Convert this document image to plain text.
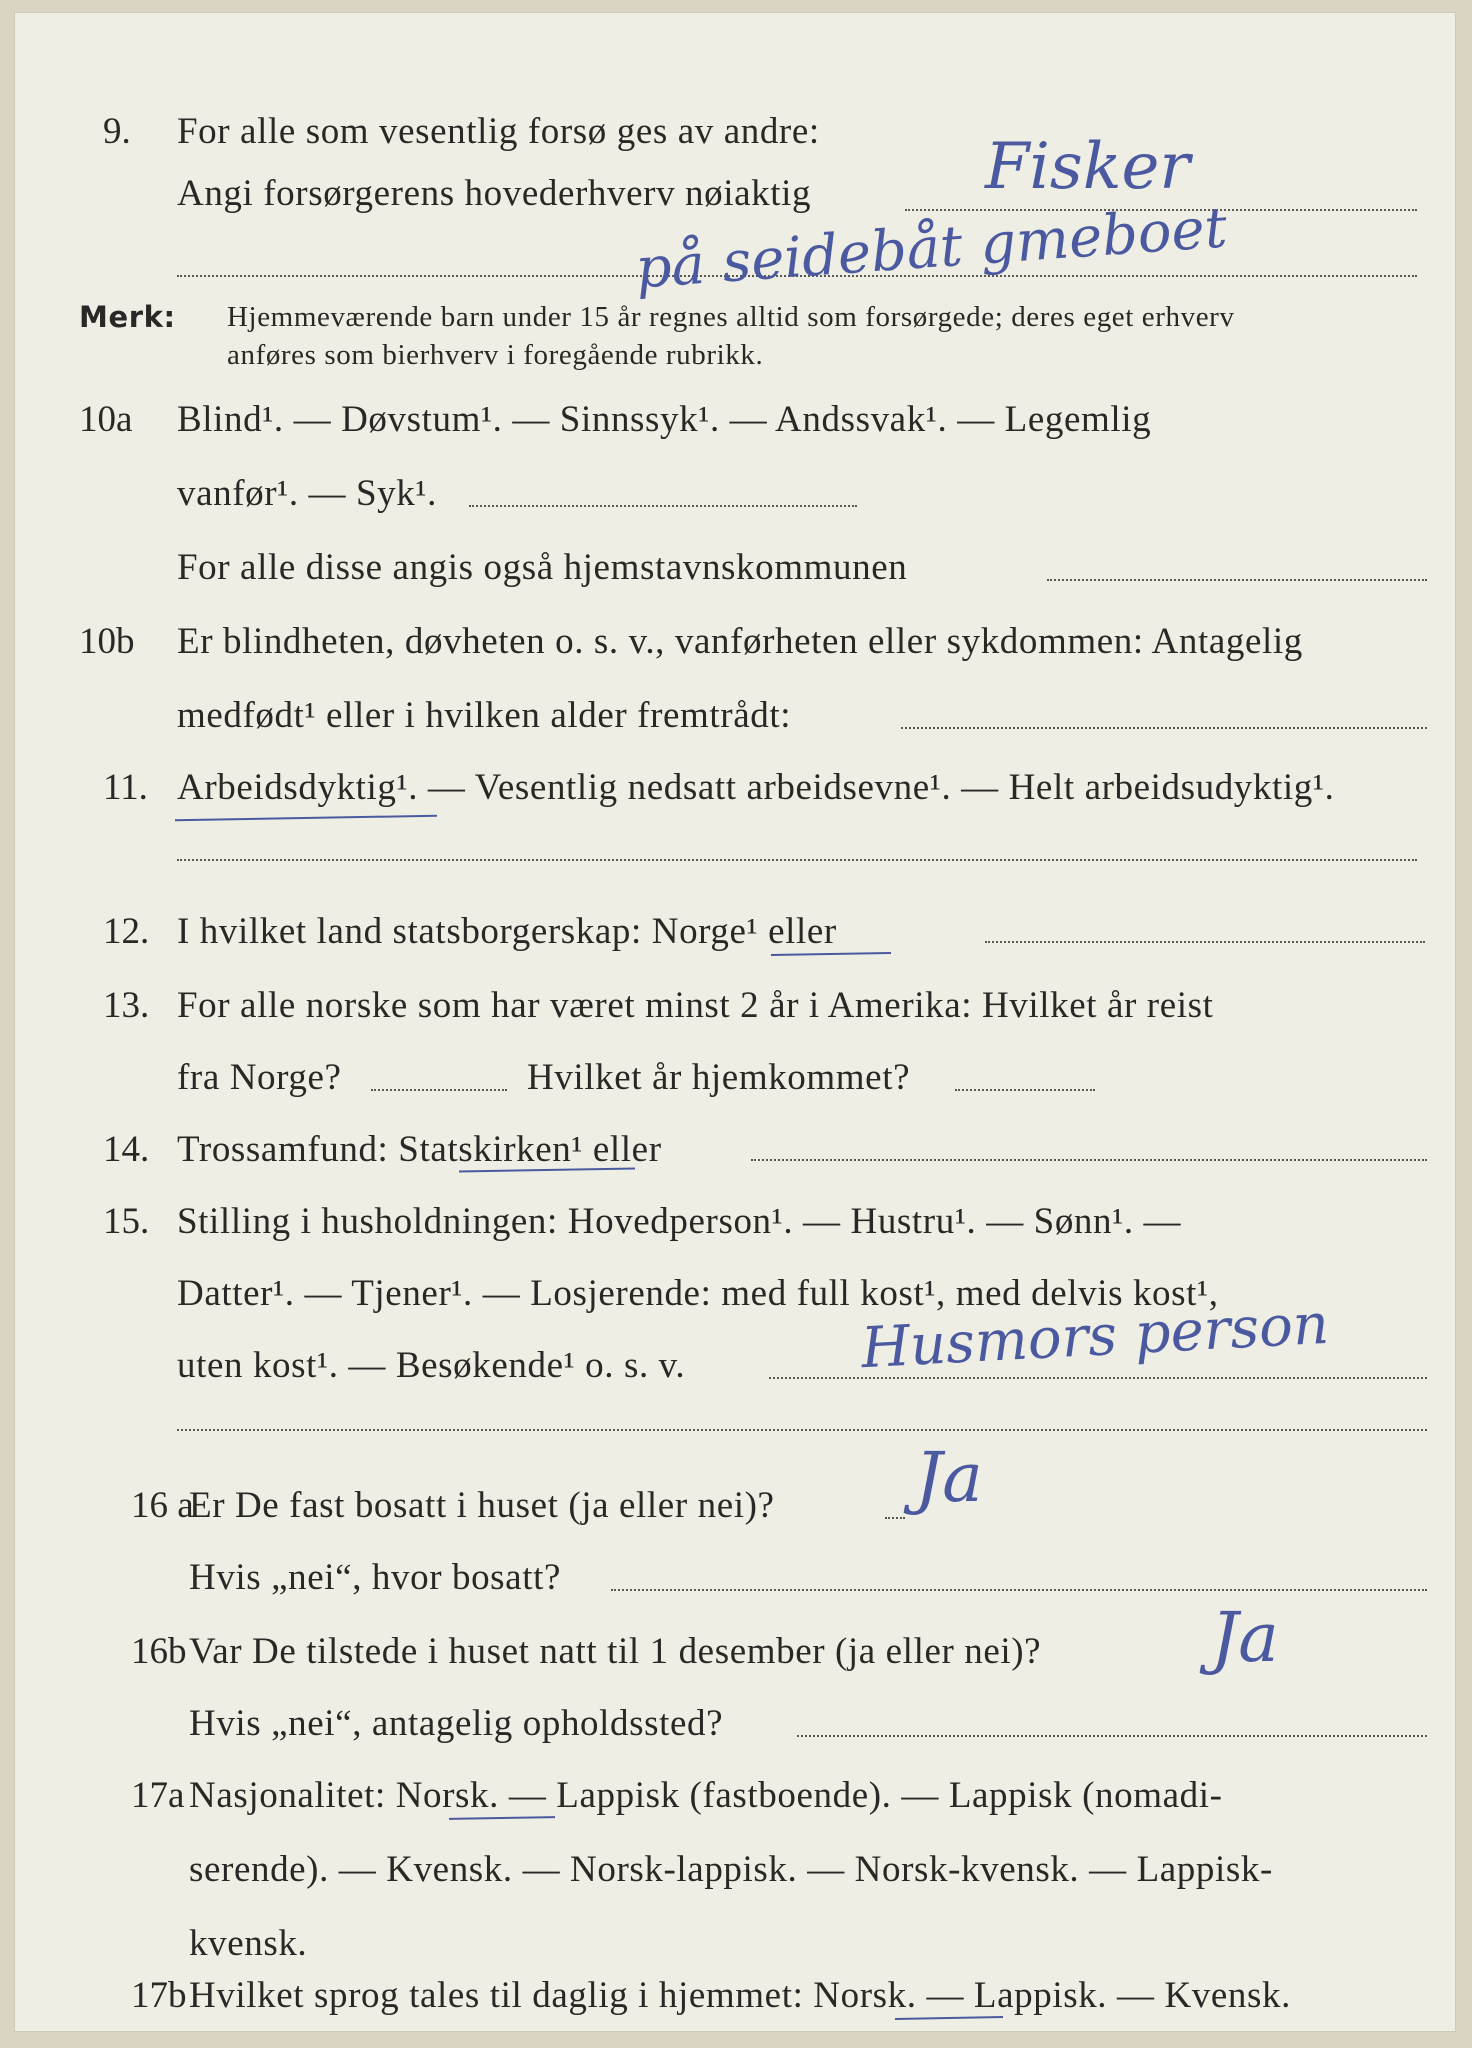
9. For alle som vesentlig forsø ges av andre:
Angi forsørgerens hovederhverv nøiaktig	Fisker
på seidebåt gmeboet
Merk: Hjemmeværende barn under 15 år regnes alltid som forsørgede; deres eget erhverv
anføres som bierhverv i foregående rubrikk.
10a Blind¹. — Døvstum¹. — Sinnssyk¹. — Andssvak¹. — Legemlig
vanfør¹. — Syk¹.
For alle disse angis også hjemstavnskommunen
10b Er blindheten, døvheten o. s. v., vanførheten eller sykdommen: Antagelig
medfødt¹ eller i hvilken alder fremtrådt:
11. Arbeidsdyktig¹. — Vesentlig nedsatt arbeidsevne¹. — Helt arbeidsudyktig¹.
12. I hvilket land statsborgerskap: Norge¹ eller
13. For alle norske som har været minst 2 år i Amerika: Hvilket år reist
fra Norge?	Hvilket år hjemkommet?
14. Trossamfund: Statskirken¹ eller
15. Stilling i husholdningen: Hovedperson¹. — Hustru¹. — Sønn¹. —
Datter¹. — Tjener¹. — Losjerende: med full kost¹, med delvis kost¹,
uten kost¹. — Besøkende¹ o. s. v.	Husmors person
16 a
Er De fast bosatt i huset (ja eller nei)? Ja
Hvis „nei“, hvor bosatt?
16b Var De tilstede i huset natt til 1 desember (ja eller nei)? Ja
Hvis „nei“, antagelig opholdssted?
17a Nasjonalitet: Norsk. — Lappisk (fastboende). — Lappisk (nomadi-
serende). — Kvensk. — Norsk-lappisk. — Norsk-kvensk. — Lappisk-
kvensk.
17b Hvilket sprog tales til daglig i hjemmet: Norsk. — Lappisk. — Kvensk.
